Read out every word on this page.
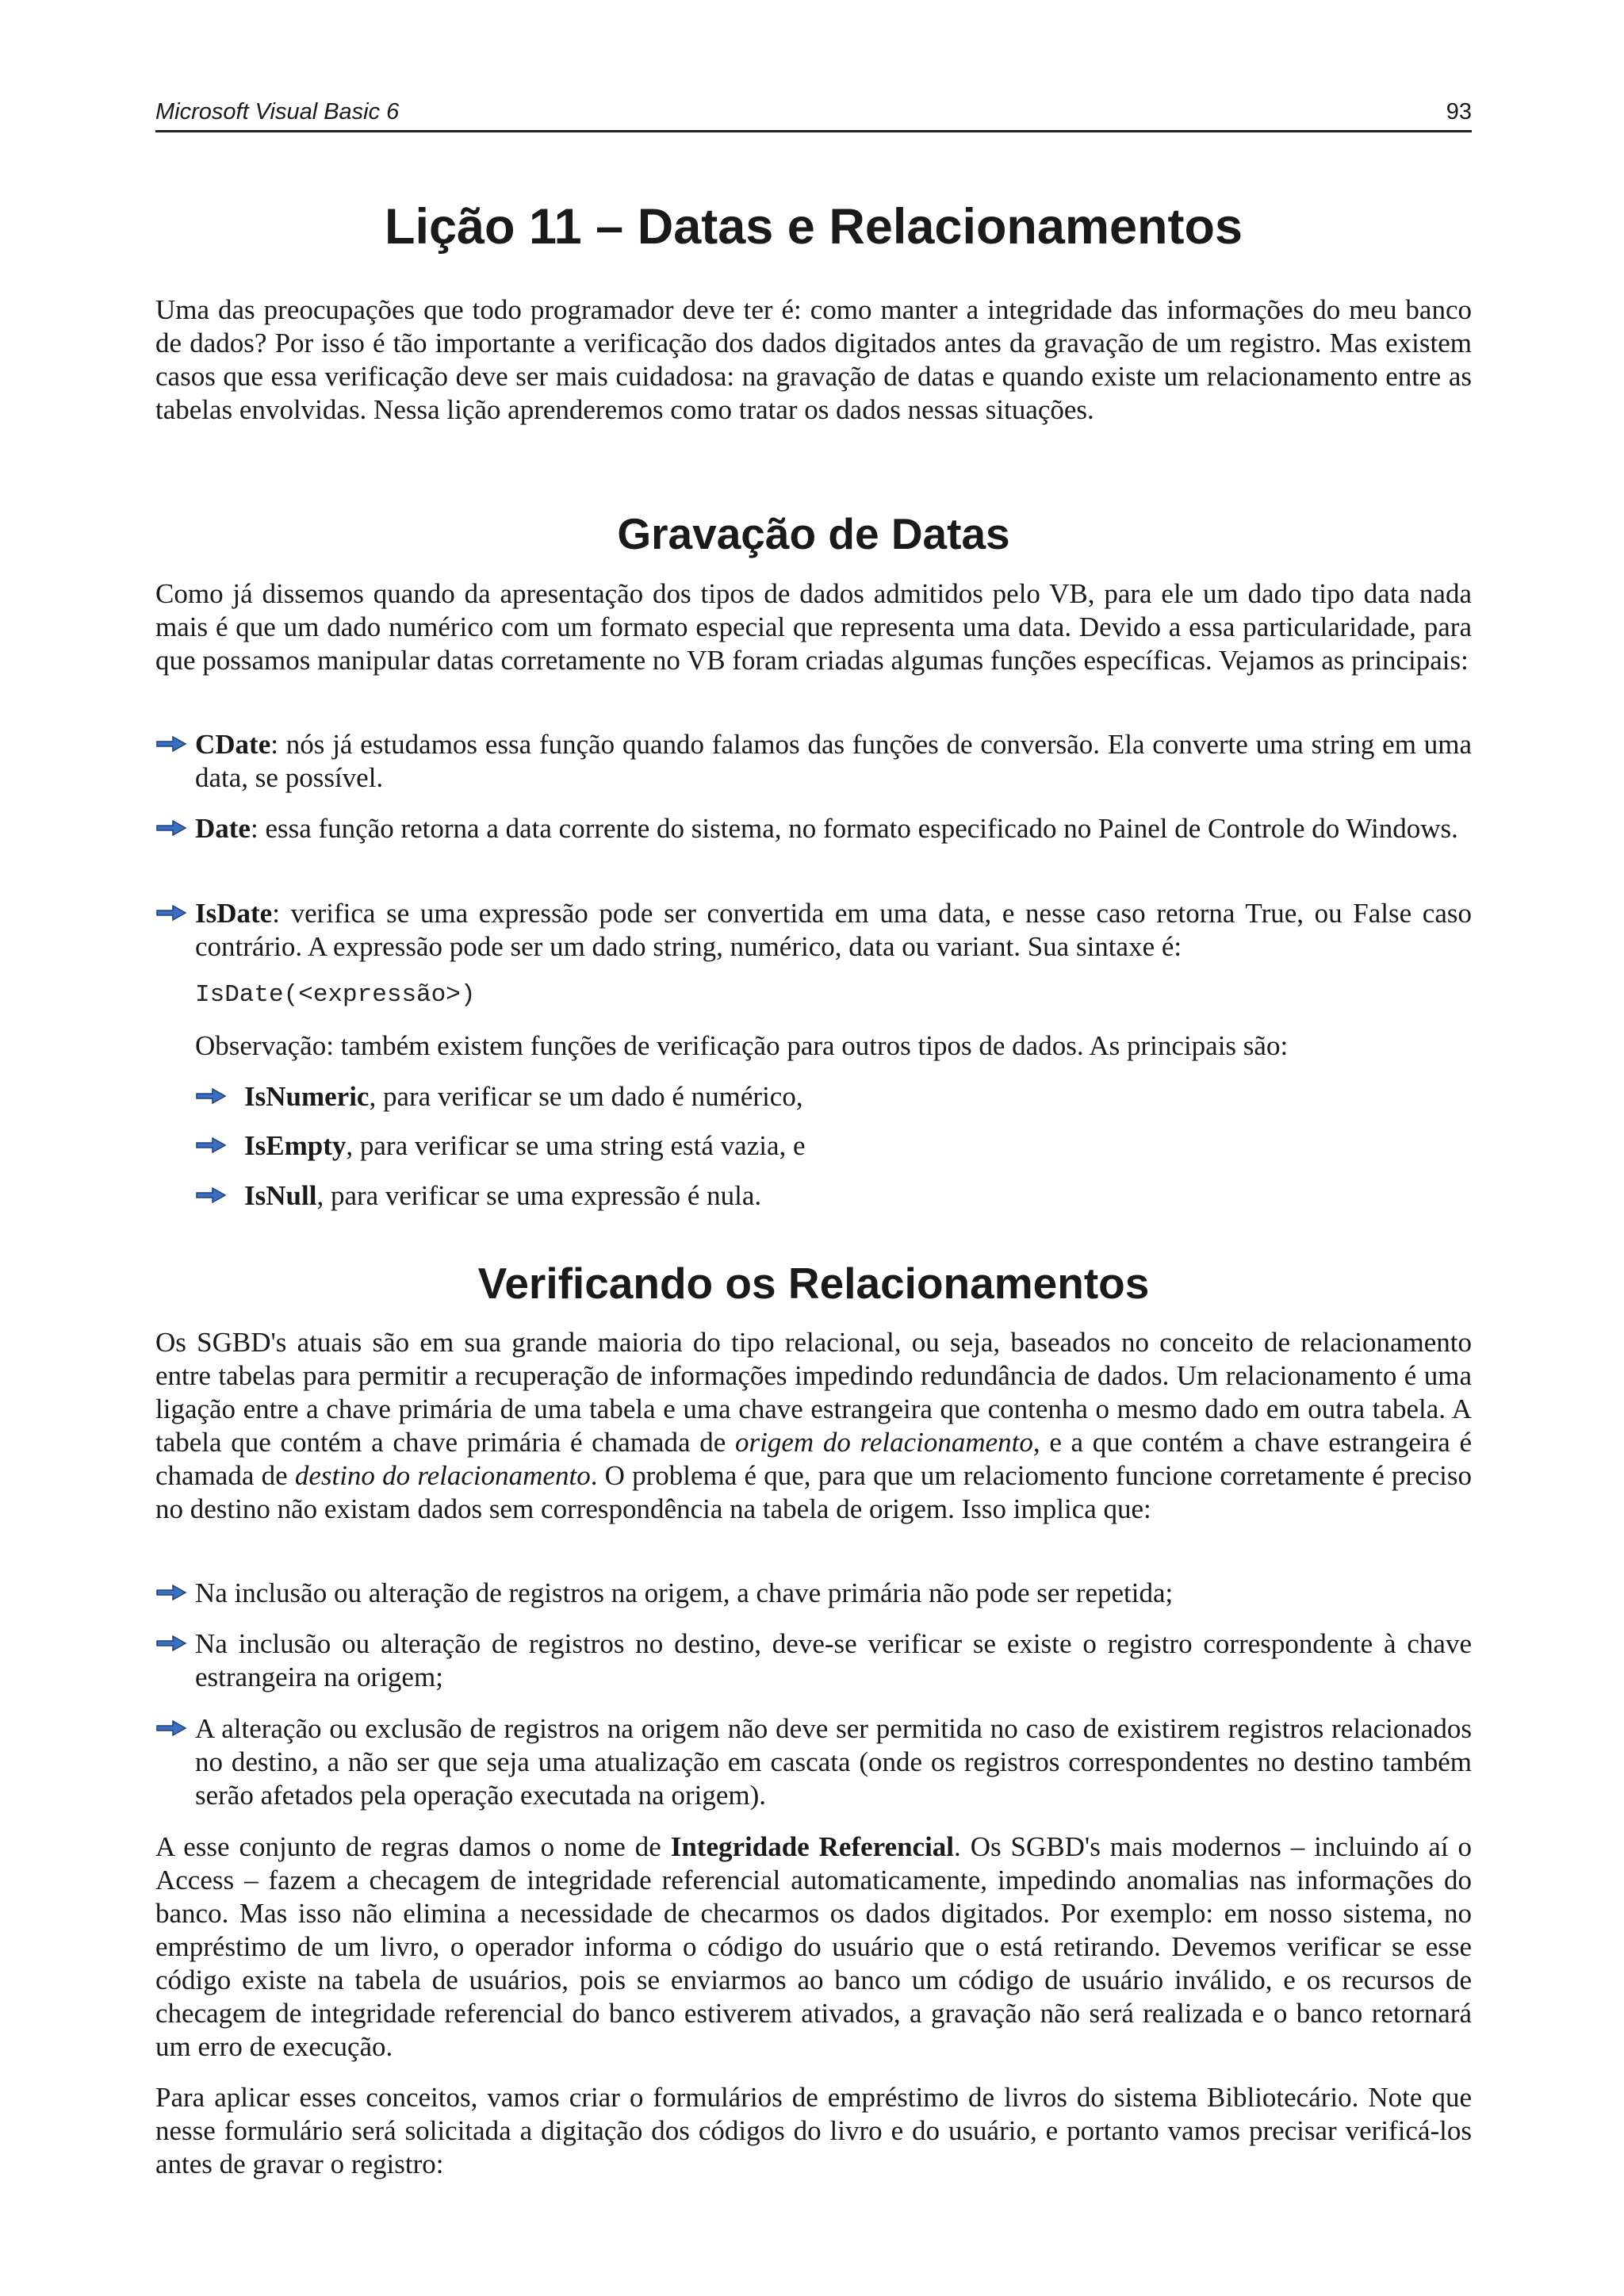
Microsoft Visual Basic 6	93
Lição 11 – Datas e Relacionamentos

Uma das preocupações que todo programador deve ter é: como manter a integridade das informações do meu banco de dados? Por isso é tão importante a verificação dos dados digitados antes da gravação de um registro. Mas existem casos que essa verificação deve ser mais cuidadosa: na gravação de datas e quando existe um relacionamento entre as tabelas envolvidas. Nessa lição aprenderemos como tratar os dados nessas situações.

Gravação de Datas

Como já dissemos quando da apresentação dos tipos de dados admitidos pelo VB, para ele um dado tipo data nada mais é que um dado numérico com um formato especial que representa uma data. Devido a essa particularidade, para que possamos manipular datas corretamente no VB foram criadas algumas funções específicas. Vejamos as principais:

CDate: nós já estudamos essa função quando falamos das funções de conversão. Ela converte uma string em uma data, se possível.
Date: essa função retorna a data corrente do sistema, no formato especificado no Painel de Controle do Windows.
IsDate: verifica se uma expressão pode ser convertida em uma data, e nesse caso retorna True, ou False caso contrário. A expressão pode ser um dado string, numérico, data ou variant. Sua sintaxe é:
IsDate(<expressão>)

Observação: também existem funções de verificação para outros tipos de dados. As principais são:

IsNumeric, para verificar se um dado é numérico,
IsEmpty, para verificar se uma string está vazia, e
IsNull, para verificar se uma expressão é nula.
Verificando os Relacionamentos

Os SGBD's atuais são em sua grande maioria do tipo relacional, ou seja, baseados no conceito de relacionamento entre tabelas para permitir a recuperação de informações impedindo redundância de dados. Um relacionamento é uma ligação entre a chave primária de uma tabela e uma chave estrangeira que contenha o mesmo dado em outra tabela. A tabela que contém a chave primária é chamada de origem do relacionamento, e a que contém a chave estrangeira é chamada de destino do relacionamento. O problema é que, para que um relaciomento funcione corretamente é preciso no destino não existam dados sem correspondência na tabela de origem. Isso implica que:

Na inclusão ou alteração de registros na origem, a chave primária não pode ser repetida;
Na inclusão ou alteração de registros no destino, deve-se verificar se existe o registro correspondente à chave estrangeira na origem;
A alteração ou exclusão de registros na origem não deve ser permitida no caso de existirem registros relacionados no destino, a não ser que seja uma atualização em cascata (onde os registros correspondentes no destino também serão afetados pela operação executada na origem).

A esse conjunto de regras damos o nome de Integridade Referencial. Os SGBD's mais modernos – incluindo aí o Access – fazem a checagem de integridade referencial automaticamente, impedindo anomalias nas informações do banco. Mas isso não elimina a necessidade de checarmos os dados digitados. Por exemplo: em nosso sistema, no empréstimo de um livro, o operador informa o código do usuário que o está retirando. Devemos verificar se esse código existe na tabela de usuários, pois se enviarmos ao banco um código de usuário inválido, e os recursos de checagem de integridade referencial do banco estiverem ativados, a gravação não será realizada e o banco retornará um erro de execução.

Para aplicar esses conceitos, vamos criar o formulários de empréstimo de livros do sistema Bibliotecário. Note que nesse formulário será solicitada a digitação dos códigos do livro e do usuário, e portanto vamos precisar verificá-los antes de gravar o registro:
